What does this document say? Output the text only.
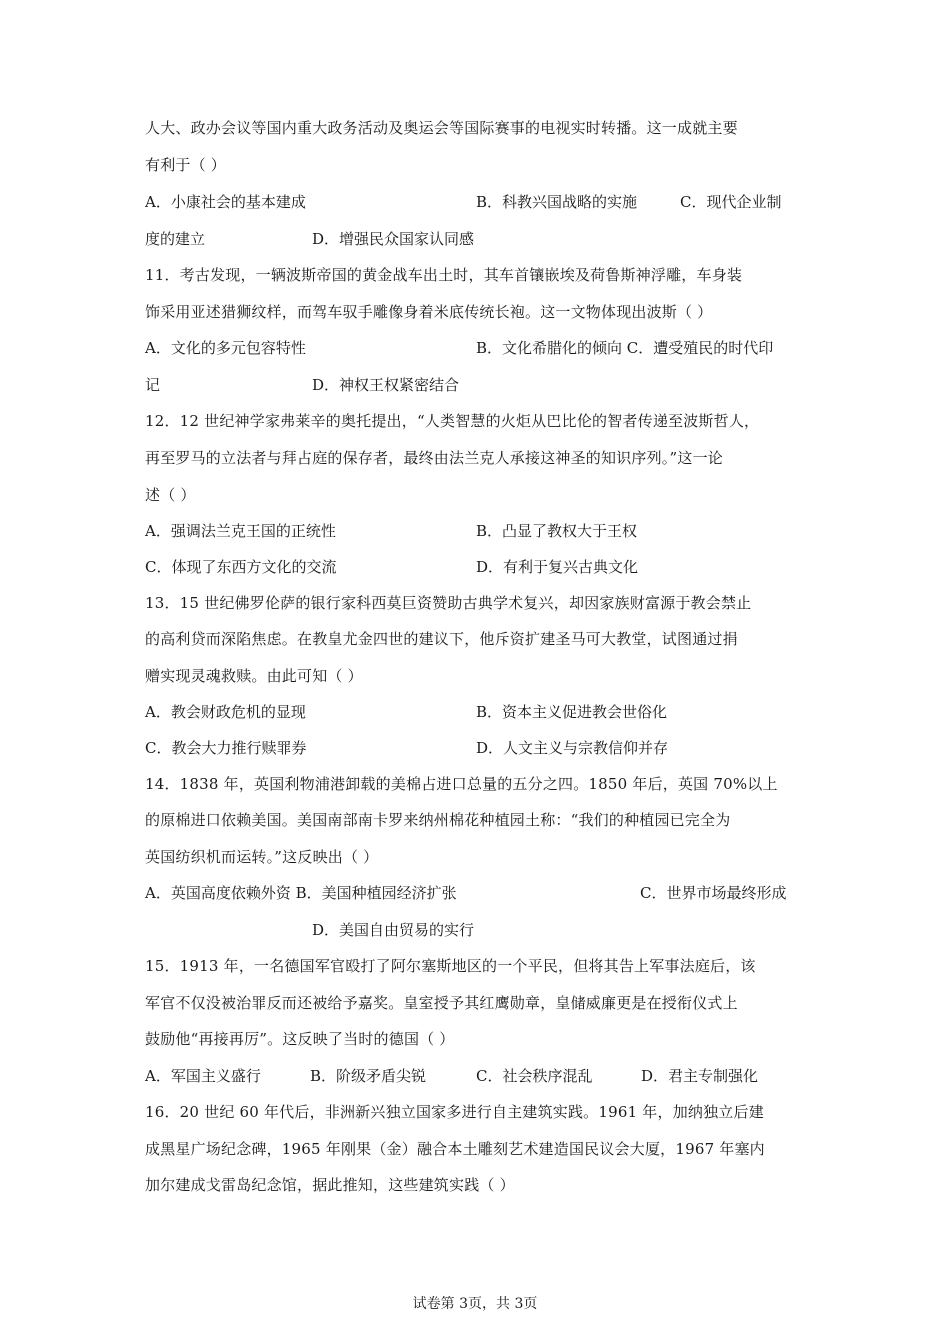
人大、政办会议等国内重大政务活动及奥运会等国际赛事的电视实时转播。这一成就主要
有利于（ ）
A．小康社会的基本建成	B．科教兴国战略的实施	C．现代企业制
度的建立	D．增强民众国家认同感
11．考古发现，一辆波斯帝国的黄金战车出土时，其车首镶嵌埃及荷鲁斯神浮雕，车身装
饰采用亚述猎狮纹样，而驾车驭手雕像身着米底传统长袍。这一文物体现出波斯（ ）
A．文化的多元包容特性	B．文化希腊化的倾向 C．遭受殖民的时代印
记	D．神权王权紧密结合
12．12 世纪神学家弗莱辛的奥托提出，“人类智慧的火炬从巴比伦的智者传递至波斯哲人，
再至罗马的立法者与拜占庭的保存者，最终由法兰克人承接这神圣的知识序列。”这一论
述（ ）
A．强调法兰克王国的正统性	B．凸显了教权大于王权
C．体现了东西方文化的交流	D．有利于复兴古典文化
13．15 世纪佛罗伦萨的银行家科西莫巨资赞助古典学术复兴，却因家族财富源于教会禁止
的高利贷而深陷焦虑。在教皇尤金四世的建议下，他斥资扩建圣马可大教堂，试图通过捐
赠实现灵魂救赎。由此可知（ ）
A．教会财政危机的显现	B．资本主义促进教会世俗化
C．教会大力推行赎罪券	D．人文主义与宗教信仰并存
14．1838 年，英国利物浦港卸载的美棉占进口总量的五分之四。1850 年后，英国 70%以上
的原棉进口依赖美国。美国南部南卡罗来纳州棉花种植园土称：“我们的种植园已完全为
英国纺织机而运转。”这反映出（ ）
A．英国高度依赖外资 B．美国种植园经济扩张	C．世界市场最终形成
D．美国自由贸易的实行
15．1913 年，一名德国军官殴打了阿尔塞斯地区的一个平民，但将其告上军事法庭后，该
军官不仅没被治罪反而还被给予嘉奖。皇室授予其红鹰勋章，皇储威廉更是在授衔仪式上
鼓励他“再接再厉”。这反映了当时的德国（ ）
A．军国主义盛行	B．阶级矛盾尖锐	C．社会秩序混乱	D．君主专制强化
16．20 世纪 60 年代后，非洲新兴独立国家多进行自主建筑实践。1961 年，加纳独立后建
成黑星广场纪念碑，1965 年刚果（金）融合本土雕刻艺术建造国民议会大厦，1967 年塞内
加尔建成戈雷岛纪念馆，据此推知，这些建筑实践（ ）
试卷第 3页，共 3页
